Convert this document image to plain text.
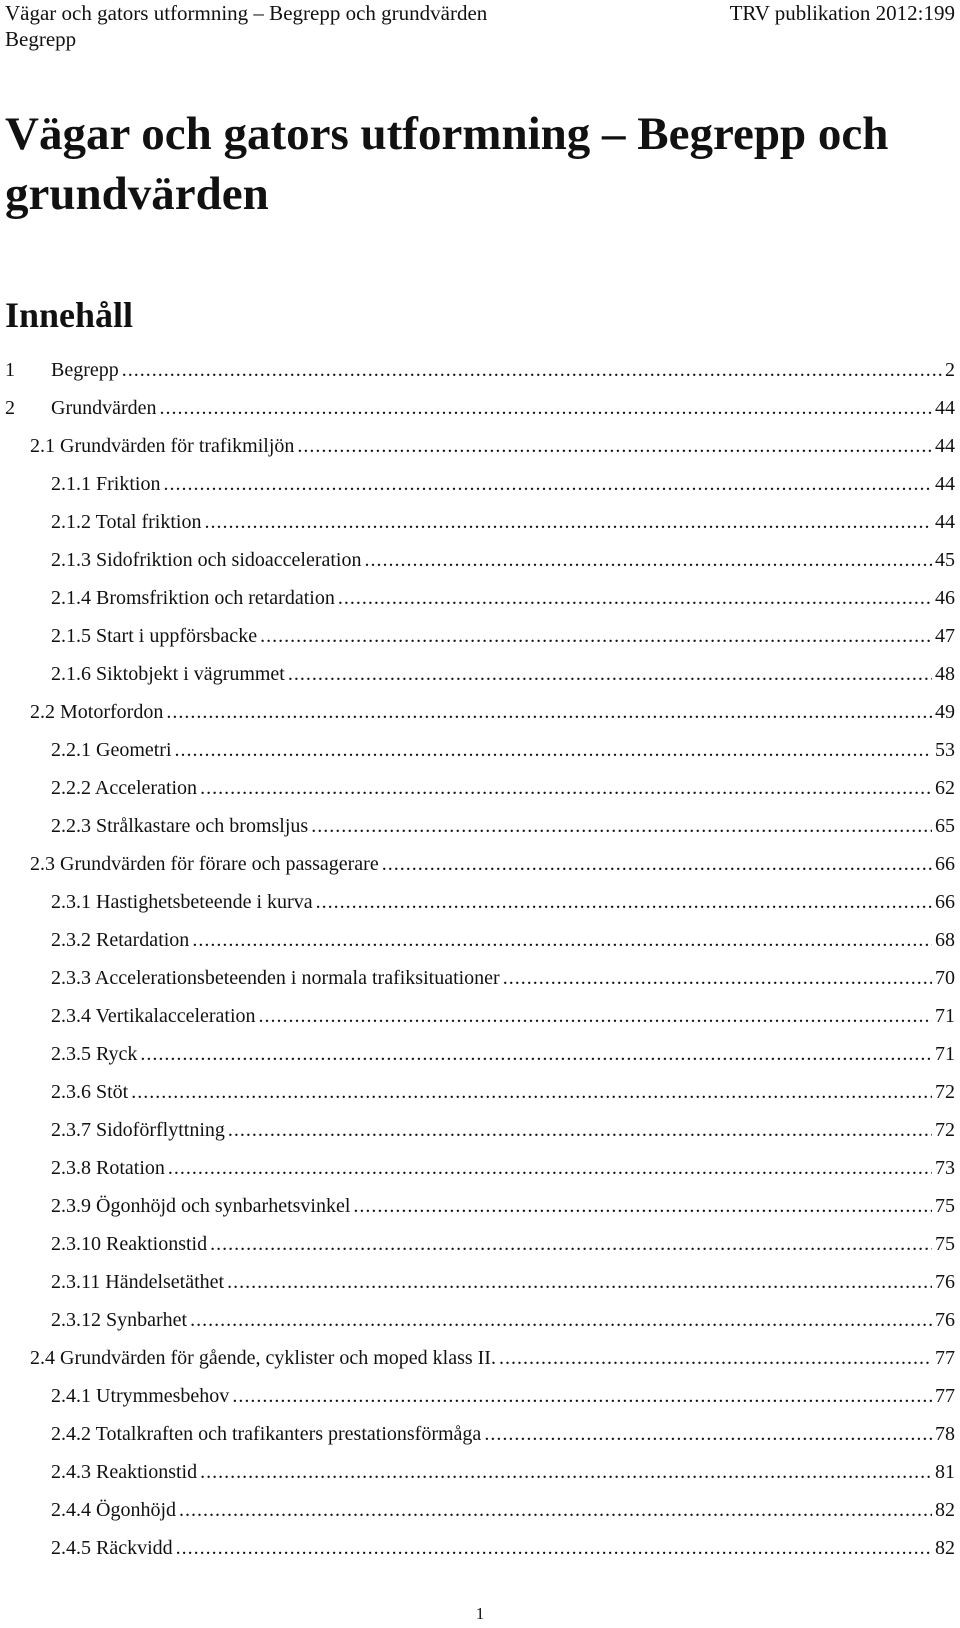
Vägar och gators utformning – Begrepp och grundvärden
Begrepp
TRV publikation 2012:199
Vägar och gators utformning – Begrepp och grundvärden
Innehåll
1	Begrepp .....	2
2	Grundvärden .....	44
2.1 Grundvärden för trafikmiljön .....	44
2.1.1 Friktion .....	44
2.1.2 Total friktion .....	44
2.1.3 Sidofriktion och sidoacceleration .....	45
2.1.4 Bromsfriktion och retardation .....	46
2.1.5 Start i uppförsbacke .....	47
2.1.6 Siktobjekt i vägrummet .....	48
2.2 Motorfordon .....	49
2.2.1 Geometri .....	53
2.2.2 Acceleration .....	62
2.2.3 Strålkastare och bromsljus .....	65
2.3 Grundvärden för förare och passagerare .....	66
2.3.1 Hastighetsbeteende i kurva .....	66
2.3.2 Retardation .....	68
2.3.3 Accelerationsbeteenden i normala trafiksituationer .....	70
2.3.4 Vertikalacceleration .....	71
2.3.5 Ryck .....	71
2.3.6 Stöt .....	72
2.3.7 Sidoförflyttning .....	72
2.3.8 Rotation .....	73
2.3.9 Ögonhöjd och synbarhetsvinkel .....	75
2.3.10 Reaktionstid .....	75
2.3.11 Händelsetäthet .....	76
2.3.12 Synbarhet .....	76
2.4 Grundvärden för gående, cyklister och moped klass II. .....	77
2.4.1 Utrymmesbehov .....	77
2.4.2 Totalkraften och trafikanters prestationsförmåga .....	78
2.4.3 Reaktionstid .....	81
2.4.4 Ögonhöjd .....	82
2.4.5 Räckvidd .....	82
1
